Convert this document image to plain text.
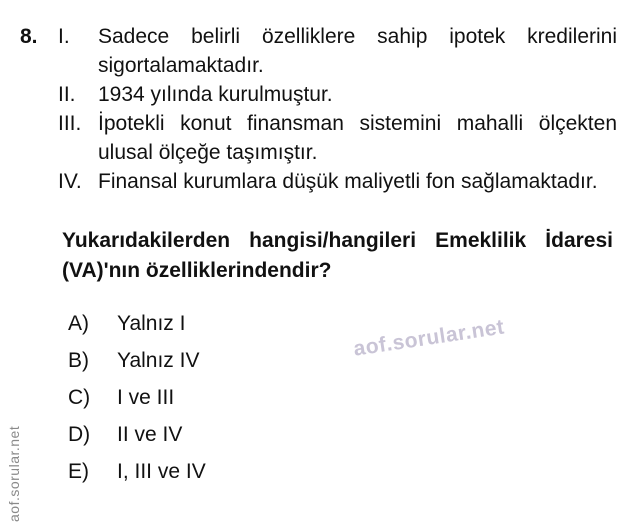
8. I.	Sadece belirli özelliklere sahip ipotek kredilerini sigortalamaktadır.
II.	1934 yılında kurulmuştur.
III. İpotekli konut finansman sistemini mahalli ölçekten ulusal ölçeğe taşımıştır.
IV. Finansal kurumlara düşük maliyetli fon sağlamaktadır.
Yukarıdakilerden hangisi/hangileri Emeklilik İdaresi (VA)'nın özelliklerindendir?
A)	Yalnız I
B)	Yalnız IV
C)	I ve III
D)	II ve IV
E)	I, III ve IV
aof.sorular.net
aof.sorular.net
